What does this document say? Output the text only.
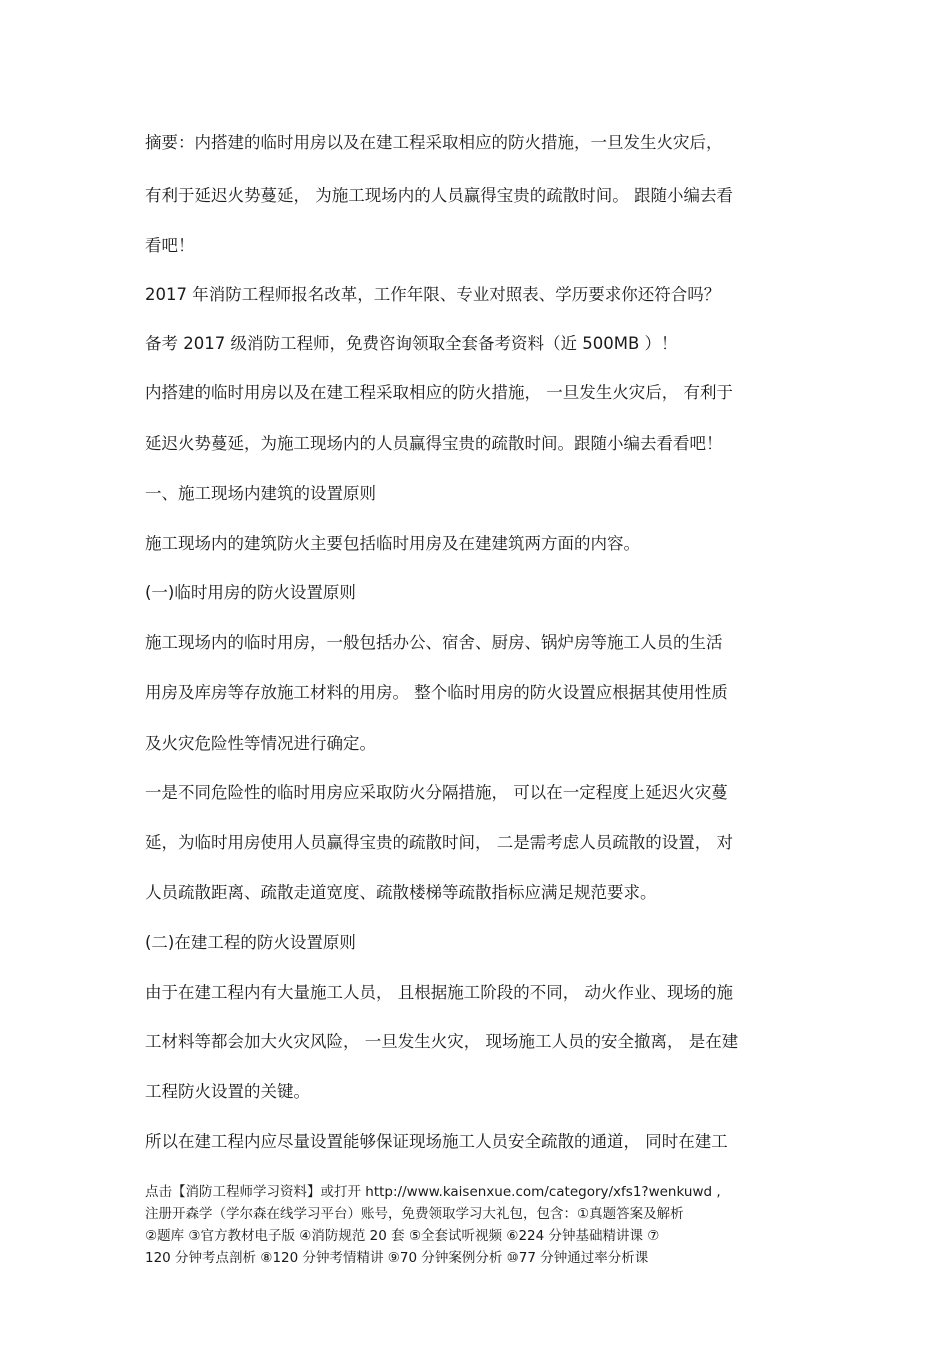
摘要：内搭建的临时用房以及在建工程采取相应的防火措施，一旦发生火灾后，
有利于延迟火势蔓延， 为施工现场内的人员赢得宝贵的疏散时间。 跟随小编去看
看吧！
2017 年消防工程师报名改革，工作年限、专业对照表、学历要求你还符合吗？
备考 2017 级消防工程师，免费咨询领取全套备考资料（近 500MB ）！
内搭建的临时用房以及在建工程采取相应的防火措施， 一旦发生火灾后， 有利于
延迟火势蔓延，为施工现场内的人员赢得宝贵的疏散时间。跟随小编去看看吧！
一、施工现场内建筑的设置原则
施工现场内的建筑防火主要包括临时用房及在建建筑两方面的内容。
(一)临时用房的防火设置原则
施工现场内的临时用房，一般包括办公、宿舍、厨房、锅炉房等施工人员的生活
用房及库房等存放施工材料的用房。 整个临时用房的防火设置应根据其使用性质
及火灾危险性等情况进行确定。
一是不同危险性的临时用房应采取防火分隔措施， 可以在一定程度上延迟火灾蔓
延，为临时用房使用人员赢得宝贵的疏散时间， 二是需考虑人员疏散的设置， 对
人员疏散距离、疏散走道宽度、疏散楼梯等疏散指标应满足规范要求。
(二)在建工程的防火设置原则
由于在建工程内有大量施工人员， 且根据施工阶段的不同， 动火作业、现场的施
工材料等都会加大火灾风险， 一旦发生火灾， 现场施工人员的安全撤离， 是在建
工程防火设置的关键。
所以在建工程内应尽量设置能够保证现场施工人员安全疏散的通道， 同时在建工
点击【消防工程师学习资料】或打开 http://www.kaisenxue.com/category/xfs1?wenkuwd ,
注册开森学（学尔森在线学习平台）账号，免费领取学习大礼包，包含：①真题答案及解析
②题库 ③官方教材电子版 ④消防规范 20 套 ⑤全套试听视频 ⑥224 分钟基础精讲课 ⑦
120 分钟考点剖析 ⑧120 分钟考情精讲 ⑨70 分钟案例分析 ⑩77 分钟通过率分析课
